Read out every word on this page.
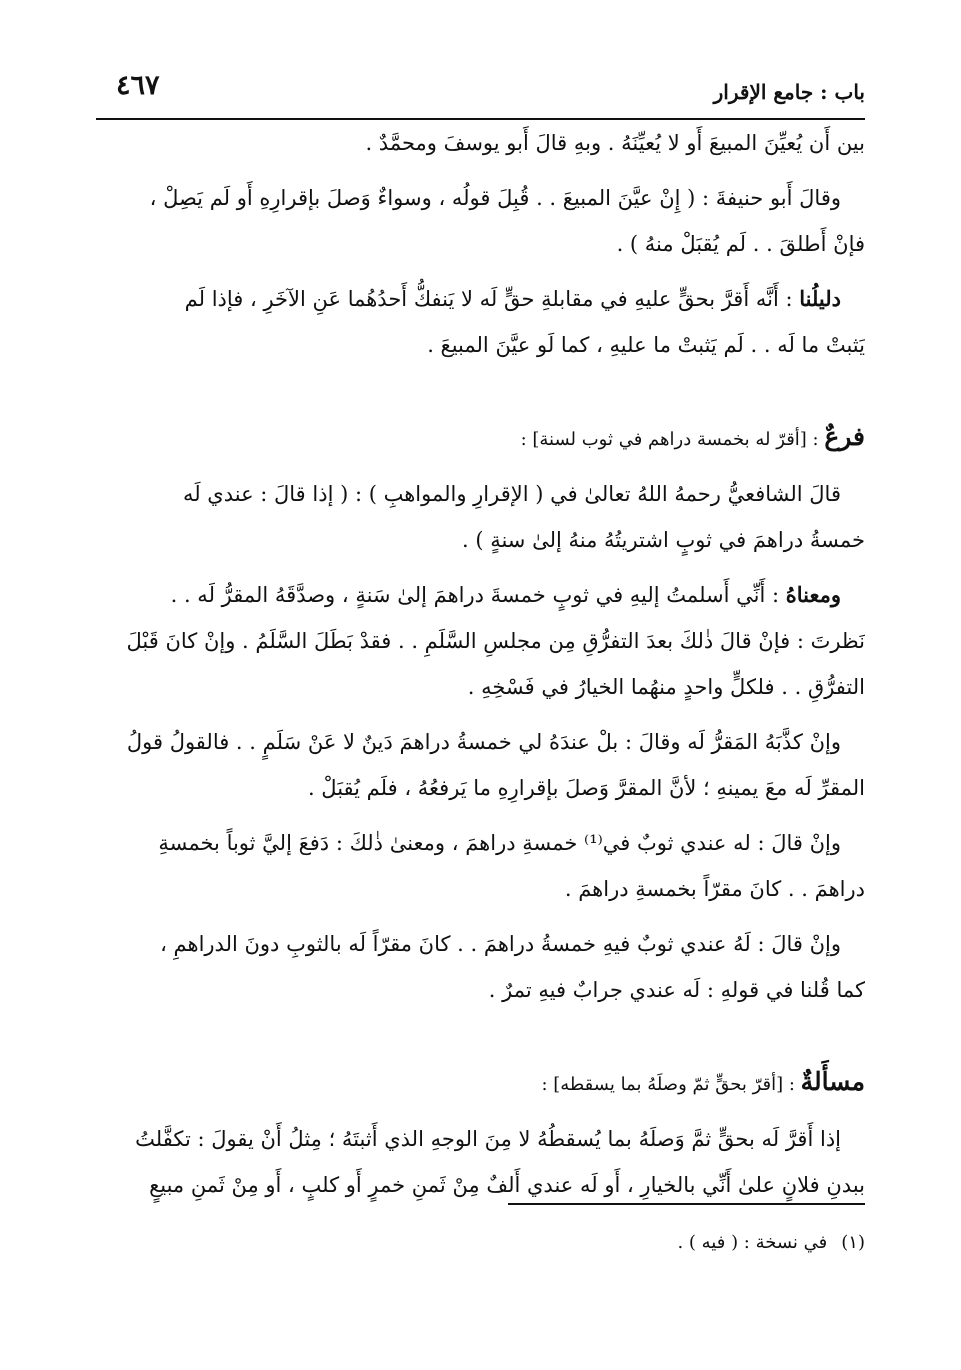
٤٦٧	باب : جامع الإقرار
بين أَن يُعيِّنَ المبيعَ أَو لا يُعيِّنَهُ . وبهِ قالَ أَبو يوسفَ ومحمَّدٌ .
وقالَ أَبو حنيفةَ : ( إِنْ عيَّنَ المبيعَ . . قُبِلَ قولُه ، وسواءٌ وَصلَ بإقرارِهِ أَو لَم يَصِلْ ،
فإنْ أَطلقَ . . لَم يُقبَلْ منهُ ) .
دليلُنا : أَنَّه أَقرَّ بحقٍّ عليهِ في مقابلةِ حقٍّ لَه لا يَنفكُّ أَحدُهُما عَنِ الآخَرِ ، فإذا لَم
يَثبتْ ما لَه . . لَم يَثبتْ ما عليهِ ، كما لَو عيَّنَ المبيعَ .
فرعٌ : [أقرّ له بخمسة دراهم في ثوب لسنة] :
قالَ الشافعيُّ رحمهُ اللهُ تعالىٰ في ( الإقرارِ والمواهبِ ) : ( إذا قالَ : عندي لَه
خمسةُ دراهمَ في ثوبٍ اشتريتُهُ منهُ إلىٰ سنةٍ ) .
ومعناهُ : أَنِّي أَسلمتُ إليهِ في ثوبٍ خمسةَ دراهمَ إلىٰ سَنةٍ ، وصدَّقَهُ المقرُّ لَه . .
نَظرتَ : فإنْ قالَ ذٰلكَ بعدَ التفرُّقِ مِن مجلسِ السَّلَمِ . . فقدْ بَطَلَ السَّلَمُ . وإنْ كانَ قَبْلَ
التفرُّقِ . . فلكلٍّ واحدٍ منهُما الخيارُ في فَسْخِهِ .
وإنْ كذَّبَهُ المَقرُّ لَه وقالَ : بلْ عندَهُ لي خمسةُ دراهمَ دَينٌ لا عَنْ سَلَمٍ . . فالقولُ قولُ
المقرِّ لَه معَ يمينهِ ؛ لأنَّ المقرَّ وَصلَ بإقرارِهِ ما يَرفعُهُ ، فلَم يُقبَلْ .
وإنْ قالَ : له عندي ثوبٌ في⁽¹⁾ خمسةِ دراهمَ ، ومعنىٰ ذٰلكَ : دَفعَ إليَّ ثوباً بخمسةِ
دراهمَ . . كانَ مقرّاً بخمسةِ دراهمَ .
وإنْ قالَ : لَهُ عندي ثوبٌ فيهِ خمسةُ دراهمَ . . كانَ مقرّاً لَه بالثوبِ دونَ الدراهمِ ،
كما قُلنا في قولهِ : لَه عندي جرابٌ فيهِ تمرٌ .
مسأَلةٌ : [أقرّ بحقٍّ ثمّ وصلَهُ بما يسقطه] :
إذا أَقرَّ لَه بحقٍّ ثمَّ وَصلَهُ بما يُسقطُهُ لا مِنَ الوجهِ الذي أَثبتَهُ ؛ مِثلُ أَنْ يقولَ : تكفَّلتُ
ببدنِ فلانٍ علىٰ أَنِّي بالخيارِ ، أَو لَه عندي أَلفٌ مِنْ ثَمنِ خمرٍ أَو كلبٍ ، أَو مِنْ ثَمنِ مبيعٍ
(١)في نسخة : ( فيه ) .
